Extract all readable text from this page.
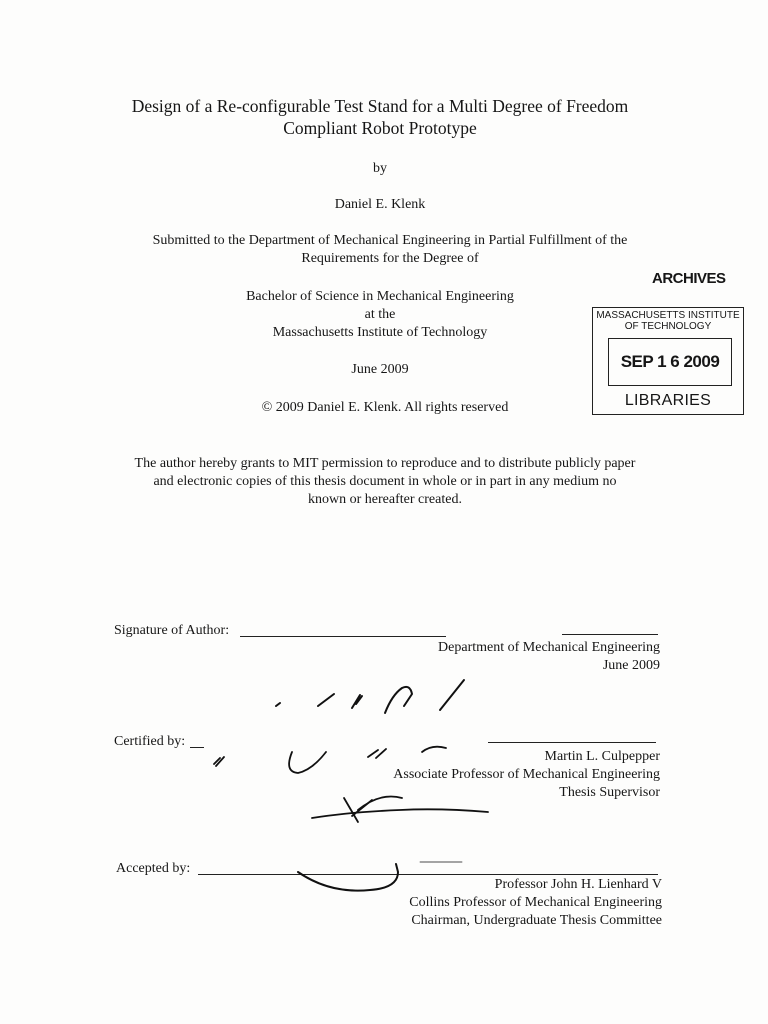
Design of a Re-configurable Test Stand for a Multi Degree of Freedom
Compliant Robot Prototype
by
Daniel E. Klenk
Submitted to the Department of Mechanical Engineering in Partial Fulfillment of the
Requirements for the Degree of
Bachelor of Science in Mechanical Engineering
at the
Massachusetts Institute of Technology
June 2009
© 2009 Daniel E. Klenk. All rights reserved
The author hereby grants to MIT permission to reproduce and to distribute publicly paper
and electronic copies of this thesis document in whole or in part in any medium no
known or hereafter created.
ARCHIVES
MASSACHUSETTS INSTITUTE
OF TECHNOLOGY
SEP 1 6 2009
LIBRARIES
Signature of Author:
Department of Mechanical Engineering
June 2009
Certified by:
Martin L. Culpepper
Associate Professor of Mechanical Engineering
Thesis Supervisor
Accepted by:
Professor John H. Lienhard V
Collins Professor of Mechanical Engineering
Chairman, Undergraduate Thesis Committee
